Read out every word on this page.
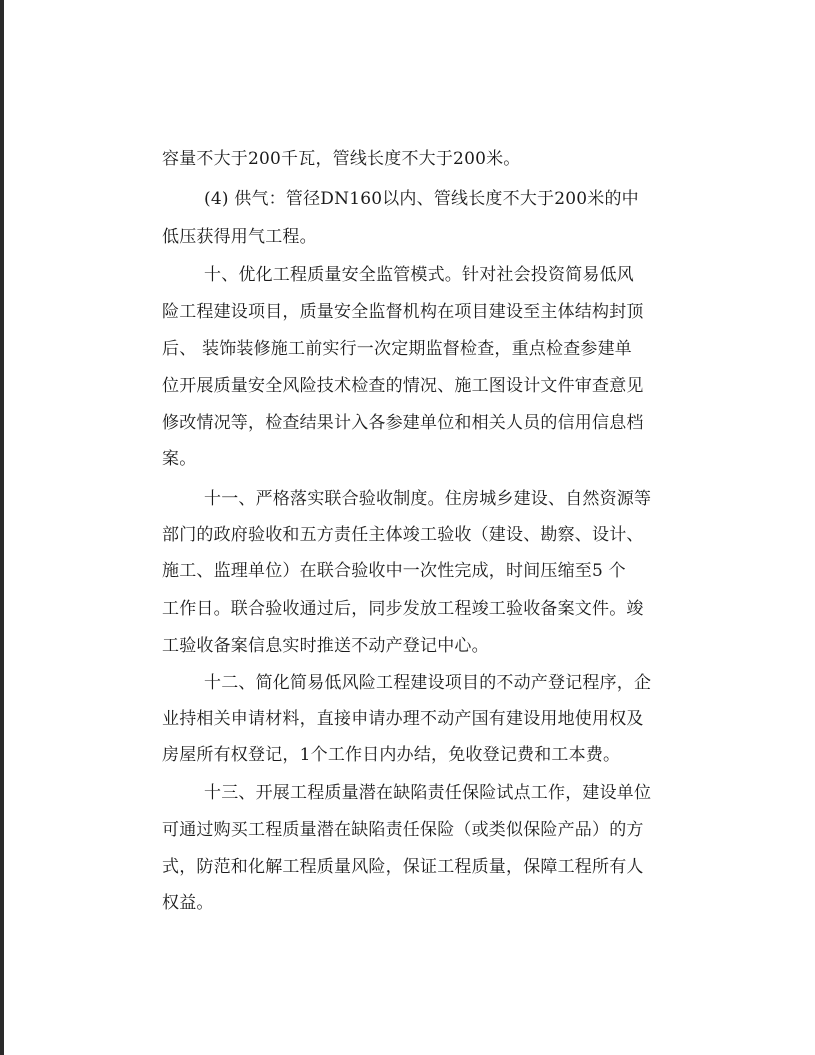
容量不大于200千瓦，管线长度不大于200米。
(4) 供气：管径DN160以内、管线长度不大于200米的中
低压获得用气工程。
十、优化工程质量安全监管模式。针对社会投资简易低风
险工程建设项目，质量安全监督机构在项目建设至主体结构封顶
后、 装饰装修施工前实行一次定期监督检查，重点检查参建单
位开展质量安全风险技术检查的情况、施工图设计文件审查意见
修改情况等，检查结果计入各参建单位和相关人员的信用信息档
案。
十一、严格落实联合验收制度。住房城乡建设、自然资源等
部门的政府验收和五方责任主体竣工验收（建设、勘察、设计、
施工、监理单位）在联合验收中一次性完成，时间压缩至5 个
工作日。联合验收通过后，同步发放工程竣工验收备案文件。竣
工验收备案信息实时推送不动产登记中心。
十二、简化简易低风险工程建设项目的不动产登记程序，企
业持相关申请材料，直接申请办理不动产国有建设用地使用权及
房屋所有权登记，1个工作日内办结，免收登记费和工本费。
十三、开展工程质量潜在缺陷责任保险试点工作，建设单位
可通过购买工程质量潜在缺陷责任保险（或类似保险产品）的方
式，防范和化解工程质量风险，保证工程质量，保障工程所有人
权益。
